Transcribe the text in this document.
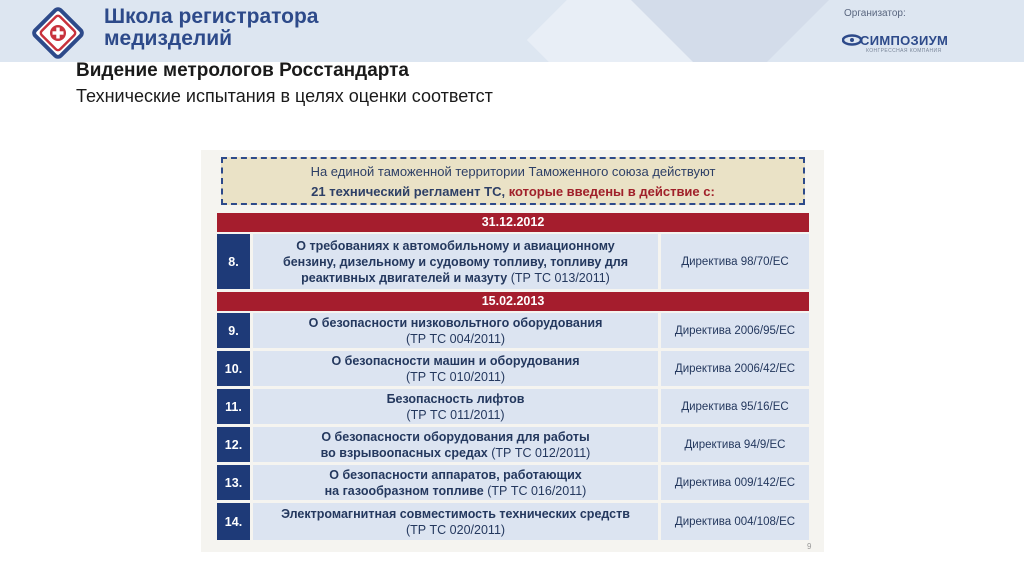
Школа регистратора
медизделий
Организатор:
СИМПОЗИУМ
КОНГРЕССНАЯ КОМПАНИЯ
Видение метрологов Росстандарта
Технические испытания в целях оценки соответст
На единой таможенной территории Таможенного союза действуют
21 технический регламент ТС, которые введены в действие с:
31.12.2012
8.
О требованиях к автомобильному и авиационному
бензину, дизельному и судовому топливу, топливу для
реактивных двигателей и мазуту (ТР ТС 013/2011)
Директива 98/70/ЕС
15.02.2013
9.
О безопасности низковольтного оборудования
(ТР ТС 004/2011)
Директива 2006/95/ЕС
10.
О безопасности машин и оборудования
(ТР ТС 010/2011)
Директива 2006/42/ЕС
11.
Безопасность лифтов
(ТР ТС 011/2011)
Директива 95/16/ЕС
12.
О безопасности оборудования для работы
во взрывоопасных средах (ТР ТС 012/2011)
Директива 94/9/ЕС
13.
О безопасности аппаратов, работающих
на газообразном топливе (ТР ТС 016/2011)
Директива 009/142/ЕС
14.
Электромагнитная совместимость технических средств
(ТР ТС 020/2011)
Директива 004/108/ЕС
9
